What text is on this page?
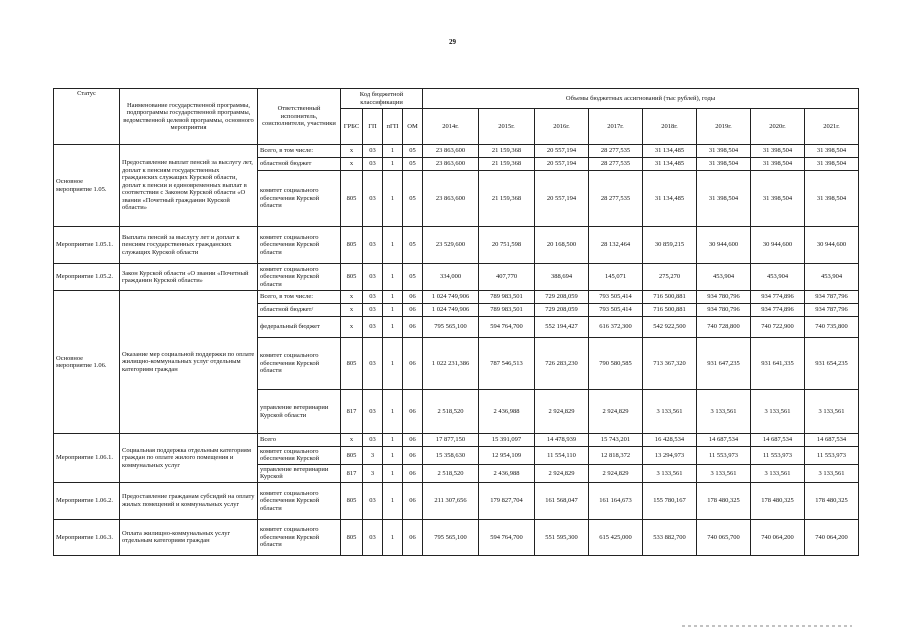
29
Статус	Наименование государственной программы, подпрограммы государственной программы, ведомственной целевой программы, основного мероприятия	Ответственный исполнитель, соисполнители, участники	Код бюджетной классификации				Объемы бюджетных ассигнований (тыс рублей), годы							
			ГРБС	ГП	пГП	ОМ	2014г.	2015г.	2016г.	2017г.	2018г.	2019г.	2020г.	2021г.
Основное мероприятие 1.05.	Предоставление выплат пенсий за выслугу лет, доплат к пенсиям государственных гражданских служащих Курской области, доплат к пенсии и единовременных выплат в соответствии с Законом Курской области «О звании «Почетный гражданин Курской области»	Всего, в том числе:	x	03	1	05	23 863,600	21 159,368	20 557,194	28 277,535	31 134,485	31 398,504	31 398,504	31 398,504
		областной бюджет	x	03	1	05	23 863,600	21 159,368	20 557,194	28 277,535	31 134,485	31 398,504	31 398,504	31 398,504
		комитет социального обеспечения Курской области	805	03	1	05	23 863,600	21 159,368	20 557,194	28 277,535	31 134,485	31 398,504	31 398,504	31 398,504
Мероприятие 1.05.1.	Выплата пенсий за выслугу лет и доплат к пенсиям государственных гражданских служащих Курской области	комитет социального обеспечения Курской области	805	03	1	05	23 529,600	20 751,598	20 168,500	28 132,464	30 859,215	30 944,600	30 944,600	30 944,600
Мероприятие 1.05.2.	Закон Курской области «О звании «Почетный гражданин Курской области»	комитет социального обеспечения Курской области	805	03	1	05	334,000	407,770	388,694	145,071	275,270	453,904	453,904	453,904
Основное мероприятие 1.06.	Оказание мер социальной поддержки по оплате жилищно-коммунальных услуг отдельным категориям граждан	Всего, в том числе:	x	03	1	06	1 024 749,906	789 983,501	729 208,059	793 505,414	716 500,881	934 780,796	934 774,896	934 787,796
		областной бюджет/	x	03	1	06	1 024 749,906	789 983,501	729 208,059	793 505,414	716 500,881	934 780,796	934 774,896	934 787,796
		федеральный бюджет	x	03	1	06	795 565,100	594 764,700	552 194,427	616 372,300	542 922,500	740 728,800	740 722,900	740 735,800
		комитет социального обеспечения Курской области	805	03	1	06	1 022 231,386	787 546,513	726 283,230	790 580,585	713 367,320	931 647,235	931 641,335	931 654,235
		управление ветеринарии Курской области	817	03	1	06	2 518,520	2 436,988	2 924,829	2 924,829	3 133,561	3 133,561	3 133,561	3 133,561
Мероприятие 1.06.1.	Социальная поддержка отдельным категориям граждан по оплате жилого помещения и коммунальных услуг	Всего	x	03	1	06	17 877,150	15 391,097	14 478,939	15 743,201	16 428,534	14 687,534	14 687,534	14 687,534
		комитет социального обеспечения Курской	805	3	1	06	15 358,630	12 954,109	11 554,110	12 818,372	13 294,973	11 553,973	11 553,973	11 553,973
		управление ветеринарии Курской	817	3	1	06	2 518,520	2 436,988	2 924,829	2 924,829	3 133,561	3 133,561	3 133,561	3 133,561
Мероприятие 1.06.2.	Предоставление гражданам субсидий на оплату жилых помещений и коммунальных услуг	комитет социального обеспечения Курской области	805	03	1	06	211 307,656	179 827,704	161 568,047	161 164,673	155 780,167	178 480,325	178 480,325	178 480,325
Мероприятие 1.06.3.	Оплата жилищно-коммунальных услуг отдельным категориям граждан	комитет социального обеспечения Курской области	805	03	1	06	795 565,100	594 764,700	551 595,300	615 425,000	533 882,700	740 065,700	740 064,200	740 064,200
